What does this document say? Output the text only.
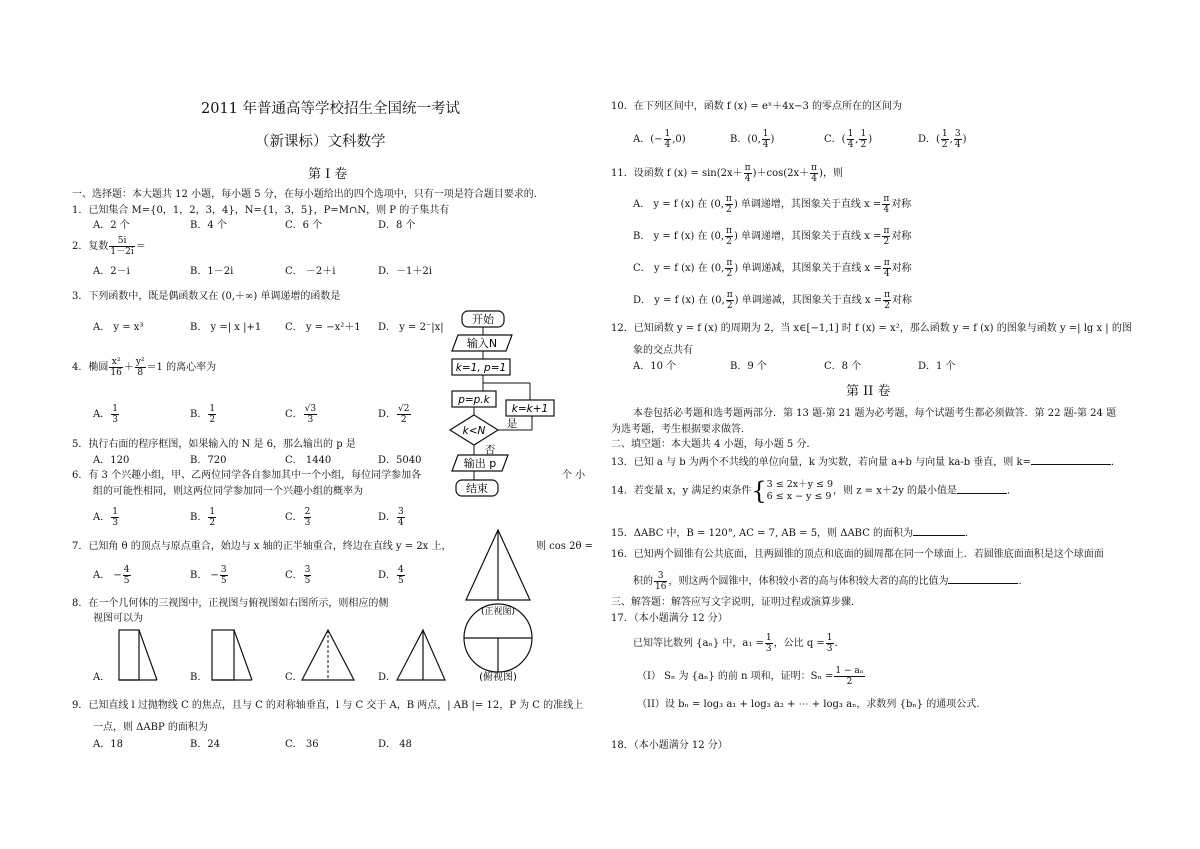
2011 年普通高等学校招生全国统一考试
（新课标）文科数学
第 I 卷
一、选择题：本大题共 12 小题，每小题 5 分，在每小题给出的四个选项中，只有一项是符合题目要求的.
1．已知集合 M={0，1，2，3，4}，N={1，3，5}，P=M∩N，则 P 的子集共有
A．2 个	B．4 个	C．6 个	D．8 个
2．复数 $\frac{5i}{1-2i}$ ＝
A．2－i	B．1－2i	C． －2＋i	D．－1＋2i
3．下列函数中，既是偶函数又在 (0,＋∞) 单调递增的函数是
A． y = x³	B． y =| x |+1 C． y = −x²＋1 D． y = 2⁻|x|
4．椭圆 $\frac{\text{x²}}{16} + \frac{\text{y²}}{8} =1$ 的离心率为
A． $\frac{1}{3}$	B． $\frac{1}{2}$	C． $\frac{√3}{3}$	D． $\frac{√2}{2}$
5．执行右面的程序框图，如果输入的 N 是 6，那么输出的 p 是
A．120	B．720	C． 1440	D．5040
6．有 3 个兴趣小组，甲、乙两位同学各自参加其中一个小组，每位同学参加各	个 小
组的可能性相同，则这两位同学参加同一个兴趣小组的概率为
A． $\frac{1}{3}$	B． $\frac{1}{2}$	C． $\frac{2}{3}$	D． $\frac{3}{4}$
7．已知角 θ 的顶点与原点重合，始边与 x 轴的正半轴重合，终边在直线 y = 2x 上，	则 cos 2θ =
A． − $\frac{4}{5}$	B． − $\frac{3}{5}$	C． $\frac{3}{5}$	D． $\frac{4}{5}$
8．在一个几何体的三视图中，正视图与俯视图如右图所示，则相应的侧
视图可以为
A．	B．	C．	D．
9．已知直线 l 过抛物线 C 的焦点，且与 C 的对称轴垂直，l 与 C 交于 A，B 两点，| AB |= 12，P 为 C 的准线上
一点，则 ΔABP 的面积为
A．18	B．24	C． 36	D． 48
开始
输入N
k=1, p=1
p=p.k
k<N
是
k=k+1
否
输出 p
结束
(正视图)
(俯视图)
10．在下列区间中，函数 f (x) = eˣ＋4x−3 的零点所在的区间为
A．(− $\frac{1}{4} ,0$)	B．(0, $\frac{1}{4}$ )	C．( $\frac{1}{4}$ , $\frac{1}{2}$ )	D．( $\frac{1}{2}$ , $\frac{3}{4}$ )
11．设函数 f $(x) = \sin(2x+ \frac{\pi}{4} )+\cos(2x+ \frac{\pi}{4}$ )，则
A． y = f (x) 在 (0, $\frac{\pi}{2}$ ) 单调递增，其图象关于直线 $x = \frac{\pi}{4}$ 对称
B． y = f (x) 在 (0, $\frac{\pi}{2}$ ) 单调递增，其图象关于直线 $x = \frac{\pi}{2}$ 对称
C． y = f (x) 在 (0, $\frac{\pi}{2}$ ) 单调递减，其图象关于直线 $x = \frac{\pi}{4}$ 对称
D． y = f (x) 在 (0, $\frac{\pi}{2}$ ) 单调递减，其图象关于直线 $x = \frac{\pi}{2}$ 对称
12．已知函数 y = f (x) 的周期为 2，当 x∈[−1,1] 时 f (x) = x²，那么函数 y = f (x) 的图象与函数 y =| lg x | 的图
象的交点共有
A．10 个	B．9 个	C．8 个	D．1 个
第 II 卷
本卷包括必考题和选考题两部分．第 13 题-第 21 题为必考题，每个试题考生都必须做答．第 22 题-第 24 题
为选考题，考生根据要求做答．
二、填空题：本大题共 4 小题，每小题 5 分．
13．已知 a 与 b 为两个不共线的单位向量，k 为实数，若向量 a+b 与向量 ka-b 垂直，则 k=	．
14．若变量 x，y 满足约束条件{3 ≤ 2x＋y ≤ 9
6 ≤ x − y ≤ 9 ，则 z = x＋2y 的最小值是	．
15．ΔABC 中，B = 120°, AC = 7, AB = 5，则 ΔABC 的面积为	．
16．已知两个圆锥有公共底面，且两圆锥的顶点和底面的圆周都在同一个球面上．若圆锥底面面积是这个球面面
积的 $\frac{3}{16}$ ，则这两个圆锥中，体积较小者的高与体积较大者的高的比值为	．
三、解答题：解答应写文字说明，证明过程或演算步骤．
17．（本小题满分 12 分）
已知等比数列 {aₙ} 中，$a_1 = \frac{1}{3}$ ，公比 $q = \frac{1}{3}$ ．
（I） Sₙ 为 {aₙ} 的前 n 项和，证明：$S_n = \frac{\text{1 − aₙ}}{2}$
（II）设 bₙ = log₃ a₁ + log₃ a₂ + ⋯ + log₃ aₙ，求数列 {bₙ} 的通项公式.
18．（本小题满分 12 分）
